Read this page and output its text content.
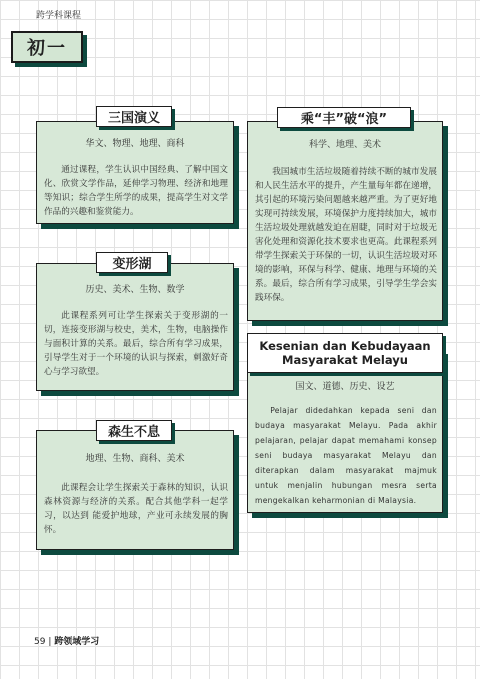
跨学科课程
初一
三国演义
华文、物理、地理、商科
通过课程，学生认识中国经典、了解中国文化、欣赏文学作品，延伸学习物理、经济和地理等知识；综合学生所学的成果，提高学生对文学作品的兴趣和鉴赏能力。
变形湖
历史、美术、生物、数学
此课程系列可让学生探索关于变形湖的一切，连接变形湖与校史，美术，生物，电脑操作与面积计算的关系。最后，综合所有学习成果，引导学生对于一个环境的认识与探索，刺激好奇心与学习欲望。
森生不息
地理、生物、商科、美术
此课程会让学生探索关于森林的知识，认识森林资源与经济的关系。配合其他学科一起学习，以达到 能爱护地球，产业可永续发展的胸怀。
乘“丰”破“浪”
科学、地理、美术
我国城市生活垃圾随着持续不断的城市发展和人民生活水平的提升，产生量每年都在递增，其引起的环境污染问题越来越严重。为了更好地实现可持续发展，环境保护力度持续加大，城市生活垃圾处理就越发迫在眉睫，同时对于垃圾无害化处理和资源化技术要求也更高。此课程系列带学生探索关于环保的一切，认识生活垃圾对环境的影响，环保与科学、健康、地理与环境的关系。最后，综合所有学习成果，引导学生学会实践环保。
Kesenian dan Kebudayaan
Masyarakat Melayu
国文、道德、历史、设艺
Pelajar didedahkan kepada seni dan budaya masyarakat Melayu. Pada akhir pelajaran, pelajar dapat memahami konsep seni budaya masyarakat Melayu dan diterapkan dalam masyarakat majmuk untuk menjalin hubungan mesra serta mengekalkan keharmonian di Malaysia.
59 | 跨领域学习
